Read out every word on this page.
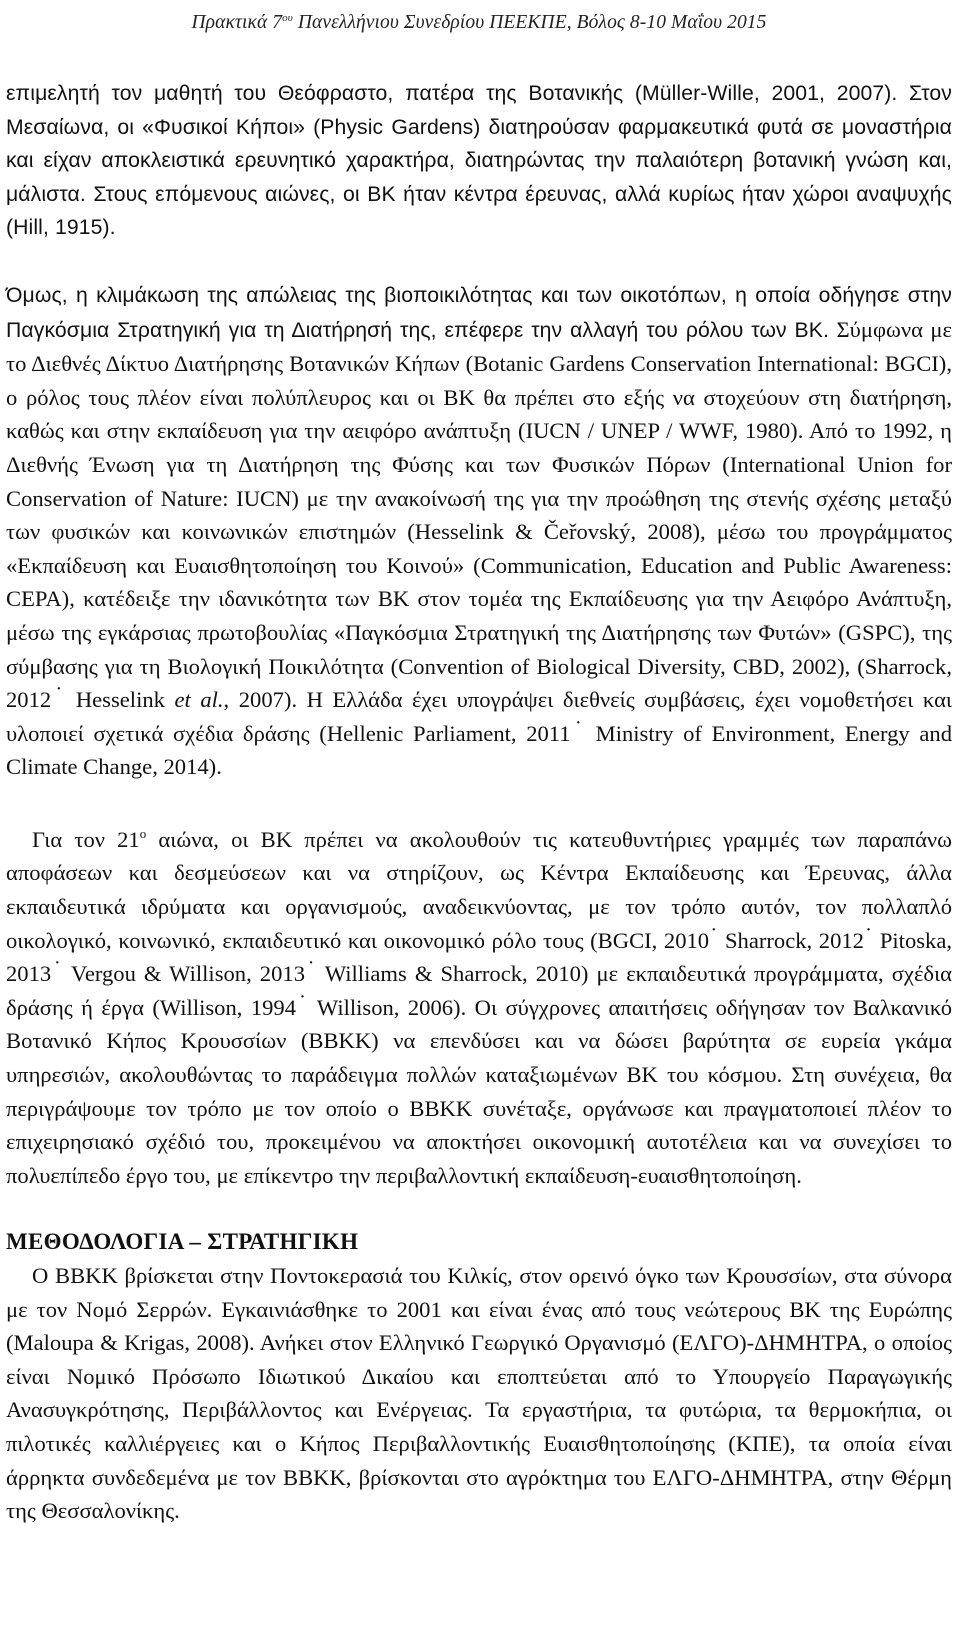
Πρακτικά $7^{o\upsilon}$ Πανελλήνιου Συνεδρίου ΠΕΕΚΠΕ, Βόλος 8-10 Μαΐου 2015

επιμελητή τον μαθητή του Θεόφραστο, πατέρα της Βοτανικής (Müller-Wille, 2001, 2007). Στον Μεσαίωνα, οι «Φυσικοί Κήποι» (Physic Gardens) διατηρούσαν φαρμακευτικά φυτά σε μοναστήρια και είχαν αποκλειστικά ερευνητικό χαρακτήρα, διατηρώντας την παλαιότερη βοτανική γνώση και, μάλιστα. Στους επόμενους αιώνες, οι ΒΚ ήταν κέντρα έρευνας, αλλά κυρίως ήταν χώροι αναψυχής (Hill, 1915).

Όμως, η κλιμάκωση της απώλειας της βιοποικιλότητας και των οικοτόπων, η οποία οδήγησε στην Παγκόσμια Στρατηγική για τη Διατήρησή της, επέφερε την αλλαγή του ρόλου των ΒΚ. Σύμφωνα με το Διεθνές Δίκτυο Διατήρησης Βοτανικών Κήπων (Botanic Gardens Conservation International: BGCI), ο ρόλος τους πλέον είναι πολύπλευρος και οι ΒΚ θα πρέπει στο εξής να στοχεύουν στη διατήρηση, καθώς και στην εκπαίδευση για την αειφόρο ανάπτυξη (IUCN / UNEP / WWF, 1980). Από το 1992, η Διεθνής Ένωση για τη Διατήρηση της Φύσης και των Φυσικών Πόρων (International Union for Conservation of Nature: IUCN) με την ανακοίνωσή της για την προώθηση της στενής σχέσης μεταξύ των φυσικών και κοινωνικών επιστημών (Hesselink & Čeřovský, 2008), μέσω του προγράμματος «Εκπαίδευση και Ευαισθητοποίηση του Κοινού» (Communication, Education and Public Awareness: CEPA), κατέδειξε την ιδανικότητα των ΒΚ στον τομέα της Εκπαίδευσης για την Αειφόρο Ανάπτυξη, μέσω της εγκάρσιας πρωτοβουλίας «Παγκόσμια Στρατηγική της Διατήρησης των Φυτών» (GSPC), της σύμβασης για τη Βιολογική Ποικιλότητα (Convention of Biological Diversity, CBD, 2002), (Sharrock, 2012˙ Hesselink et al., 2007). Η Ελλάδα έχει υπογράψει διεθνείς συμβάσεις, έχει νομοθετήσει και υλοποιεί σχετικά σχέδια δράσης (Hellenic Parliament, 2011˙ Ministry of Environment, Energy and Climate Change, 2014).

Για τον $21^o$ αιώνα, οι ΒΚ πρέπει να ακολουθούν τις κατευθυντήριες γραμμές των παραπάνω αποφάσεων και δεσμεύσεων και να στηρίζουν, ως Κέντρα Εκπαίδευσης και Έρευνας, άλλα εκπαιδευτικά ιδρύματα και οργανισμούς, αναδεικνύοντας, με τον τρόπο αυτόν, τον πολλαπλό οικολογικό, κοινωνικό, εκπαιδευτικό και οικονομικό ρόλο τους (BGCI, 2010˙ Sharrock, 2012˙ Pitoska, 2013˙ Vergou & Willison, 2013˙ Williams & Sharrock, 2010) με εκπαιδευτικά προγράμματα, σχέδια δράσης ή έργα (Willison, 1994˙ Willison, 2006). Οι σύγχρονες απαιτήσεις οδήγησαν τον Βαλκανικό Βοτανικό Κήπος Κρουσσίων (ΒΒΚΚ) να επενδύσει και να δώσει βαρύτητα σε ευρεία γκάμα υπηρεσιών, ακολουθώντας το παράδειγμα πολλών καταξιωμένων ΒΚ του κόσμου. Στη συνέχεια, θα περιγράψουμε τον τρόπο με τον οποίο ο ΒΒΚΚ συνέταξε, οργάνωσε και πραγματοποιεί πλέον το επιχειρησιακό σχέδιό του, προκειμένου να αποκτήσει οικονομική αυτοτέλεια και να συνεχίσει το πολυεπίπεδο έργο του, με επίκεντρο την περιβαλλοντική εκπαίδευση-ευαισθητοποίηση.

ΜΕΘΟΔΟΛΟΓΙΑ – ΣΤΡΑΤΗΓΙΚΗ

Ο ΒΒΚΚ βρίσκεται στην Ποντοκερασιά του Κιλκίς, στον ορεινό όγκο των Κρουσσίων, στα σύνορα με τον Νομό Σερρών. Εγκαινιάσθηκε το 2001 και είναι ένας από τους νεώτερους ΒΚ της Ευρώπης (Maloupa & Krigas, 2008). Ανήκει στον Ελληνικό Γεωργικό Οργανισμό (ΕΛΓΟ)-ΔΗΜΗΤΡΑ, ο οποίος είναι Νομικό Πρόσωπο Ιδιωτικού Δικαίου και εποπτεύεται από το Υπουργείο Παραγωγικής Ανασυγκρότησης, Περιβάλλοντος και Ενέργειας. Τα εργαστήρια, τα φυτώρια, τα θερμοκήπια, οι πιλοτικές καλλιέργειες και ο Κήπος Περιβαλλοντικής Ευαισθητοποίησης (ΚΠΕ), τα οποία είναι άρρηκτα συνδεδεμένα με τον ΒΒΚΚ, βρίσκονται στο αγρόκτημα του ΕΛΓΟ-ΔΗΜΗΤΡΑ, στην Θέρμη της Θεσσαλονίκης.
